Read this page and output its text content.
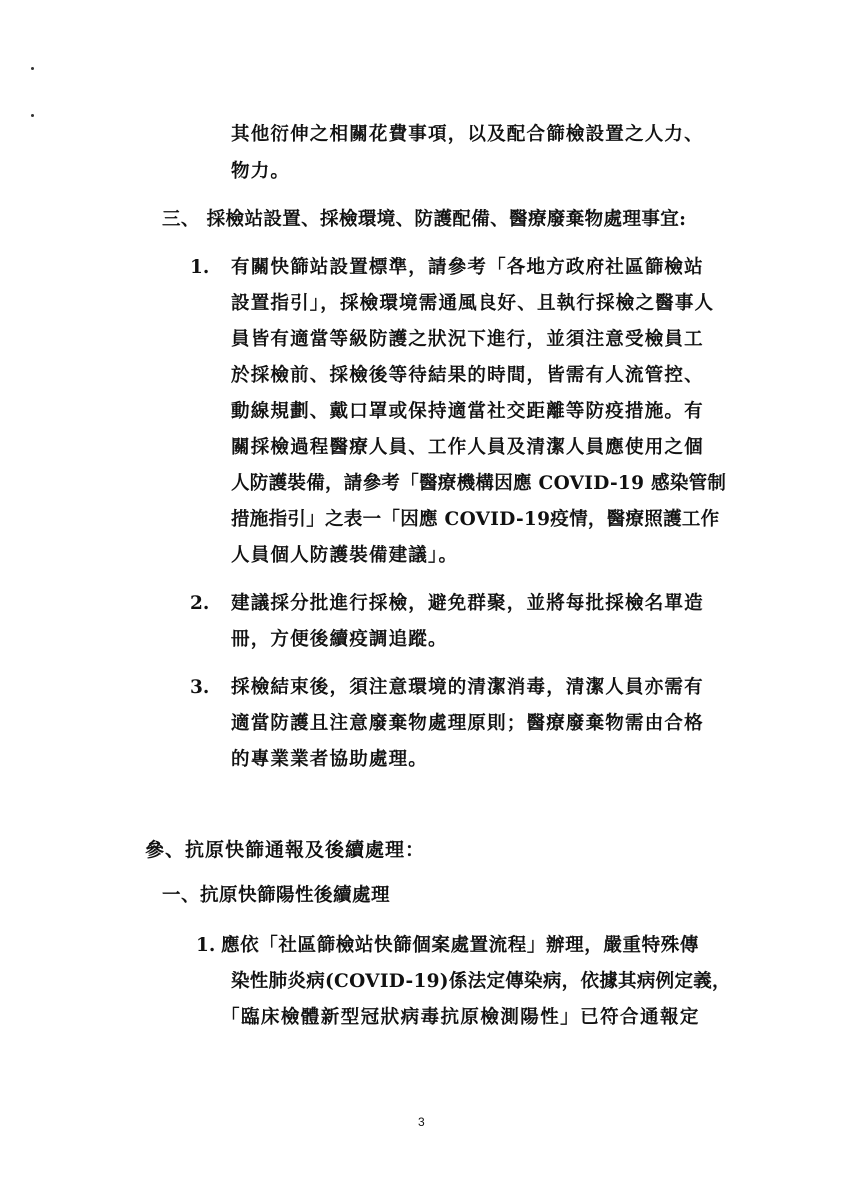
其他衍伸之相關花費事項，以及配合篩檢設置之人力、
物力。
三、 採檢站設置、採檢環境、防護配備、醫療廢棄物處理事宜:
1. 有關快篩站設置標準，請參考「各地方政府社區篩檢站
設置指引」，採檢環境需通風良好、且執行採檢之醫事人
員皆有適當等級防護之狀況下進行，並須注意受檢員工
於採檢前、採檢後等待結果的時間，皆需有人流管控、
動線規劃、戴口罩或保持適當社交距離等防疫措施。有
關採檢過程醫療人員、工作人員及清潔人員應使用之個
人防護裝備，請參考「醫療機構因應 COVID-19 感染管制
措施指引」之表一「因應 COVID-19疫情，醫療照護工作
人員個人防護裝備建議」。
2. 建議採分批進行採檢，避免群聚，並將每批採檢名單造
冊，方便後續疫調追蹤。
3. 採檢結束後，須注意環境的清潔消毒，清潔人員亦需有
適當防護且注意廢棄物處理原則；醫療廢棄物需由合格
的專業業者協助處理。
參、抗原快篩通報及後續處理：
一、抗原快篩陽性後續處理
1. 應依「社區篩檢站快篩個案處置流程」辦理，嚴重特殊傳
染性肺炎病(COVID-19)係法定傳染病，依據其病例定義，
「臨床檢體新型冠狀病毒抗原檢測陽性」已符合通報定
3
